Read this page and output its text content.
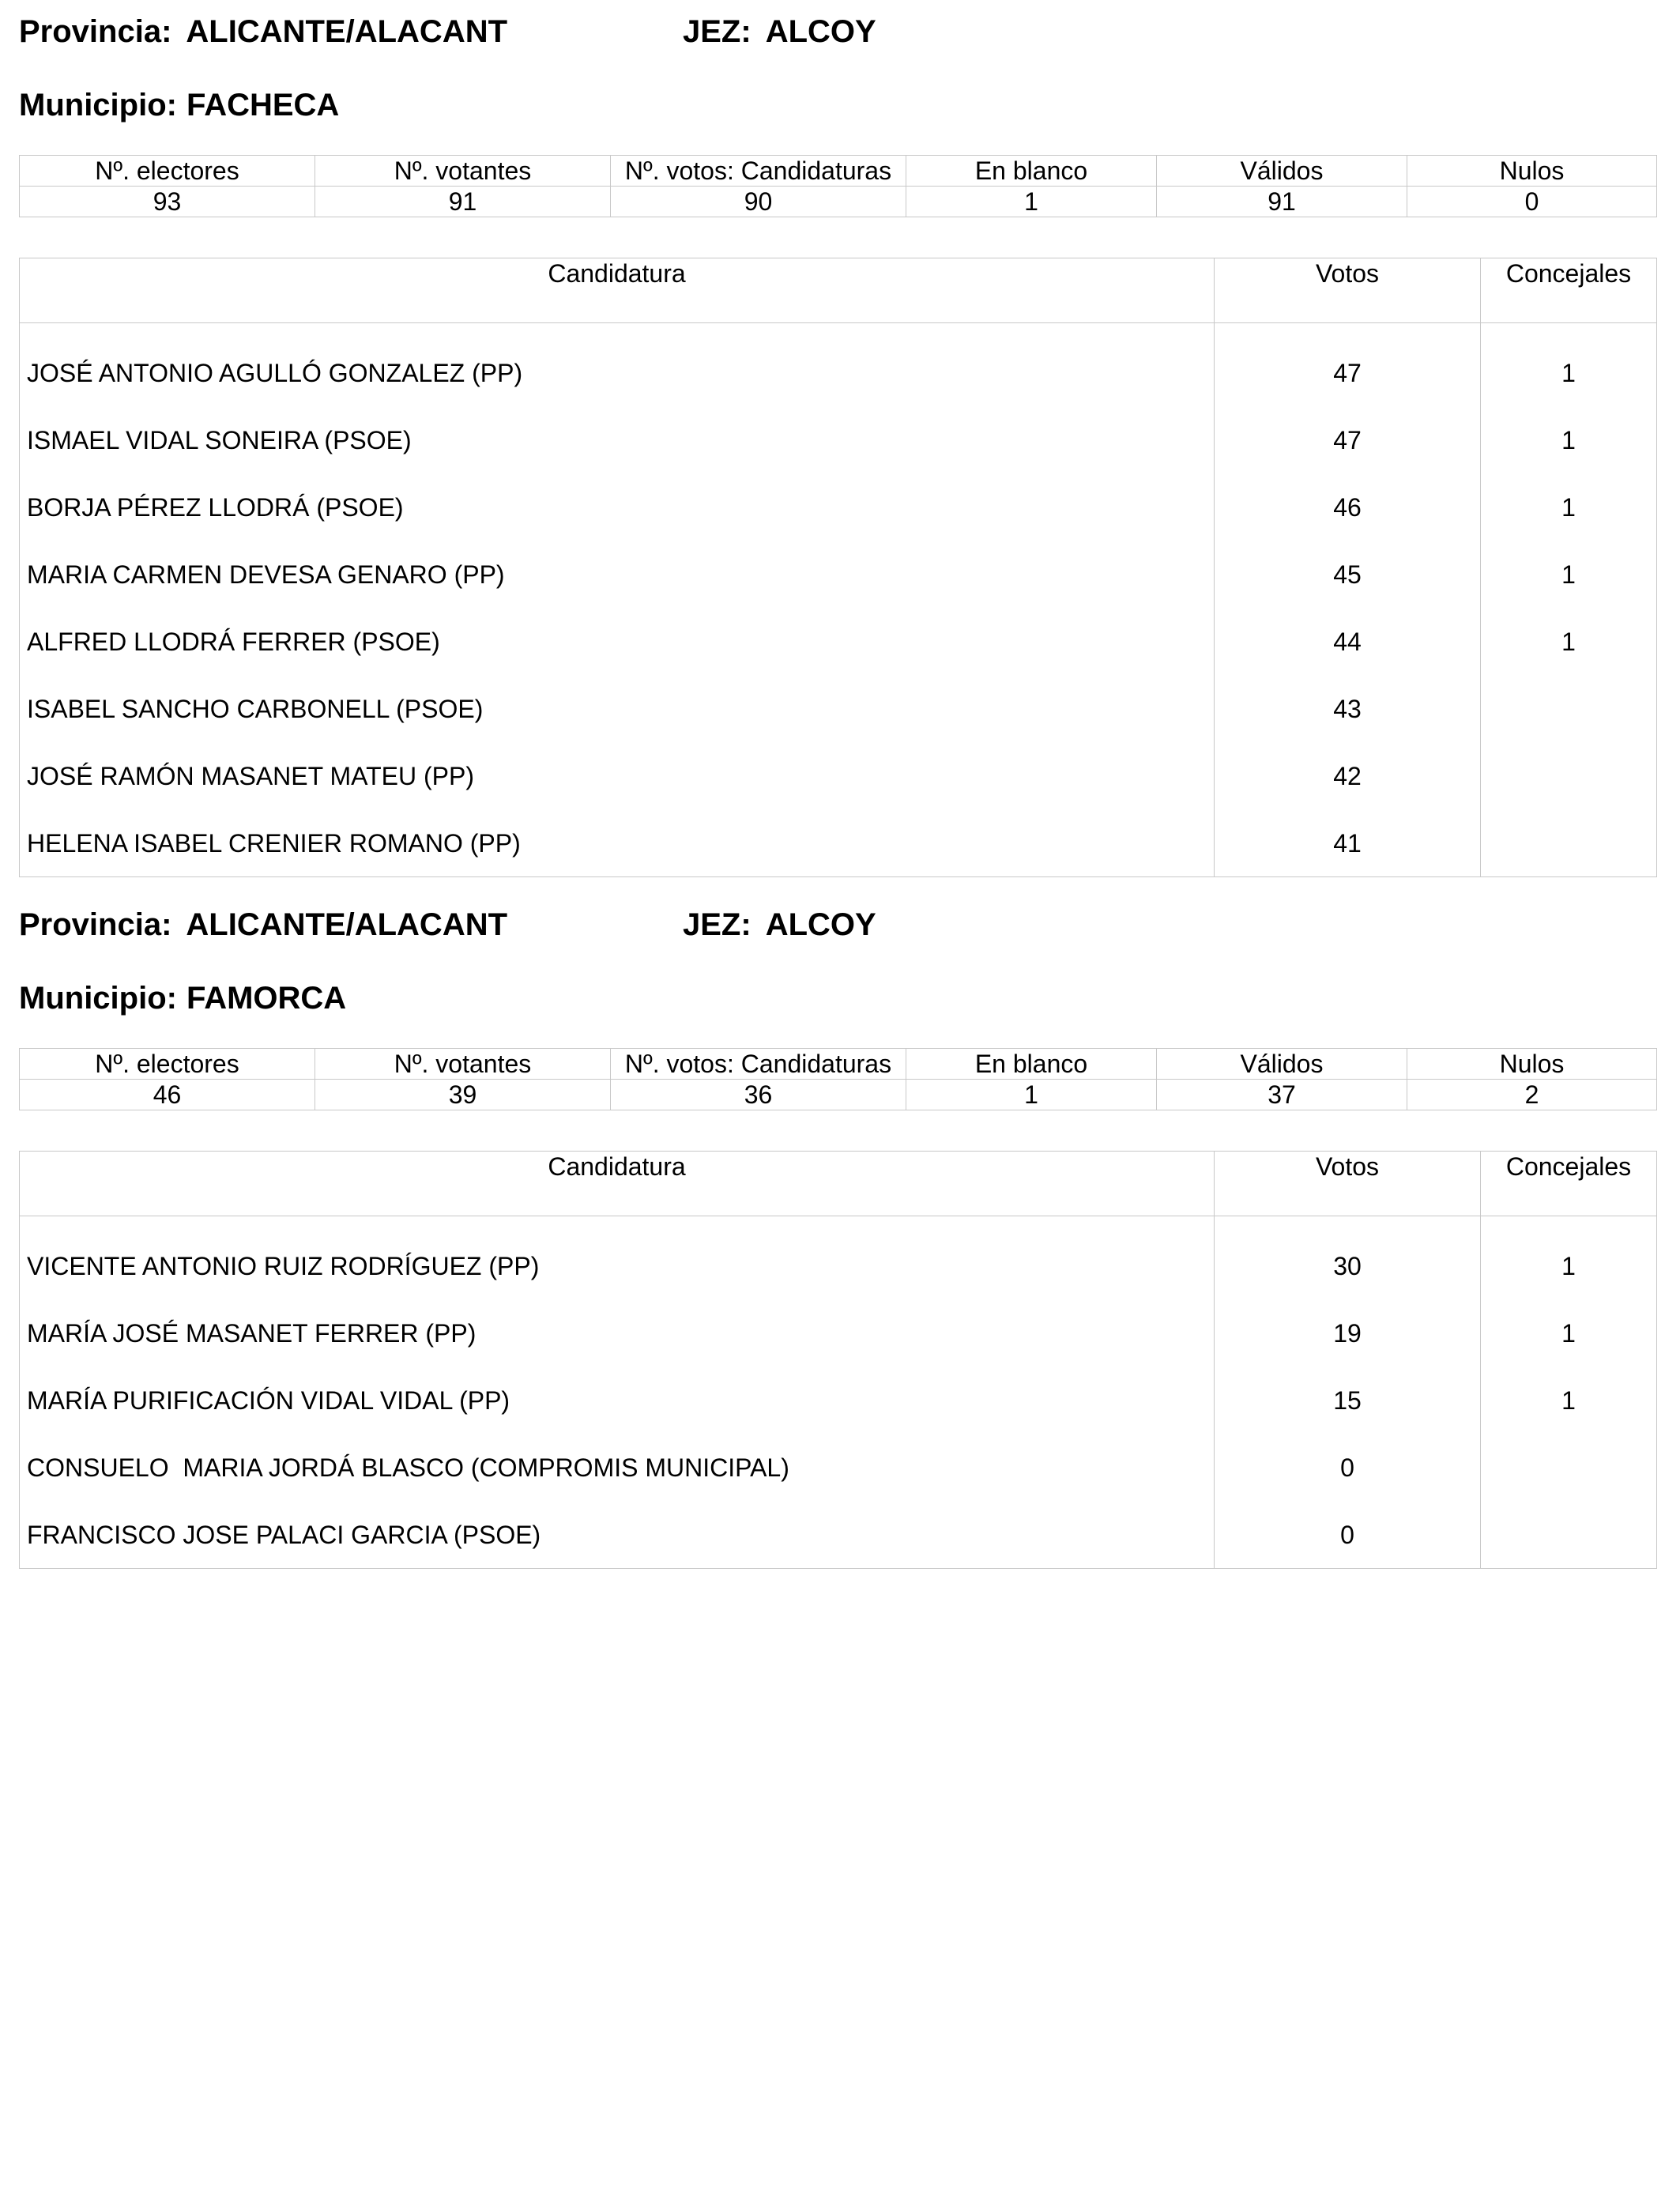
Provincia: ALICANTE/ALACANT	JEZ: ALCOY
Municipio: FACHECA
Nº. electores	Nº. votantes	Nº. votos: Candidaturas	En blanco	Válidos	Nulos
93	91	90	1	91	0
Candidatura	Votos	Concejales
JOSÉ ANTONIO AGULLÓ GONZALEZ (PP)	47	1
ISMAEL VIDAL SONEIRA (PSOE)	47	1
BORJA PÉREZ LLODRÁ (PSOE)	46	1
MARIA CARMEN DEVESA GENARO (PP)	45	1
ALFRED LLODRÁ FERRER (PSOE)	44	1
ISABEL SANCHO CARBONELL (PSOE)	43	
JOSÉ RAMÓN MASANET MATEU (PP)	42	
HELENA ISABEL CRENIER ROMANO (PP)	41	
Provincia: ALICANTE/ALACANT	JEZ: ALCOY
Municipio: FAMORCA
Nº. electores	Nº. votantes	Nº. votos: Candidaturas	En blanco	Válidos	Nulos
46	39	36	1	37	2
Candidatura	Votos	Concejales
VICENTE ANTONIO RUIZ RODRÍGUEZ (PP)	30	1
MARÍA JOSÉ MASANET FERRER (PP)	19	1
MARÍA PURIFICACIÓN VIDAL VIDAL (PP)	15	1
CONSUELO  MARIA JORDÁ BLASCO (COMPROMIS MUNICIPAL)	0	
FRANCISCO JOSE PALACI GARCIA (PSOE)	0	
